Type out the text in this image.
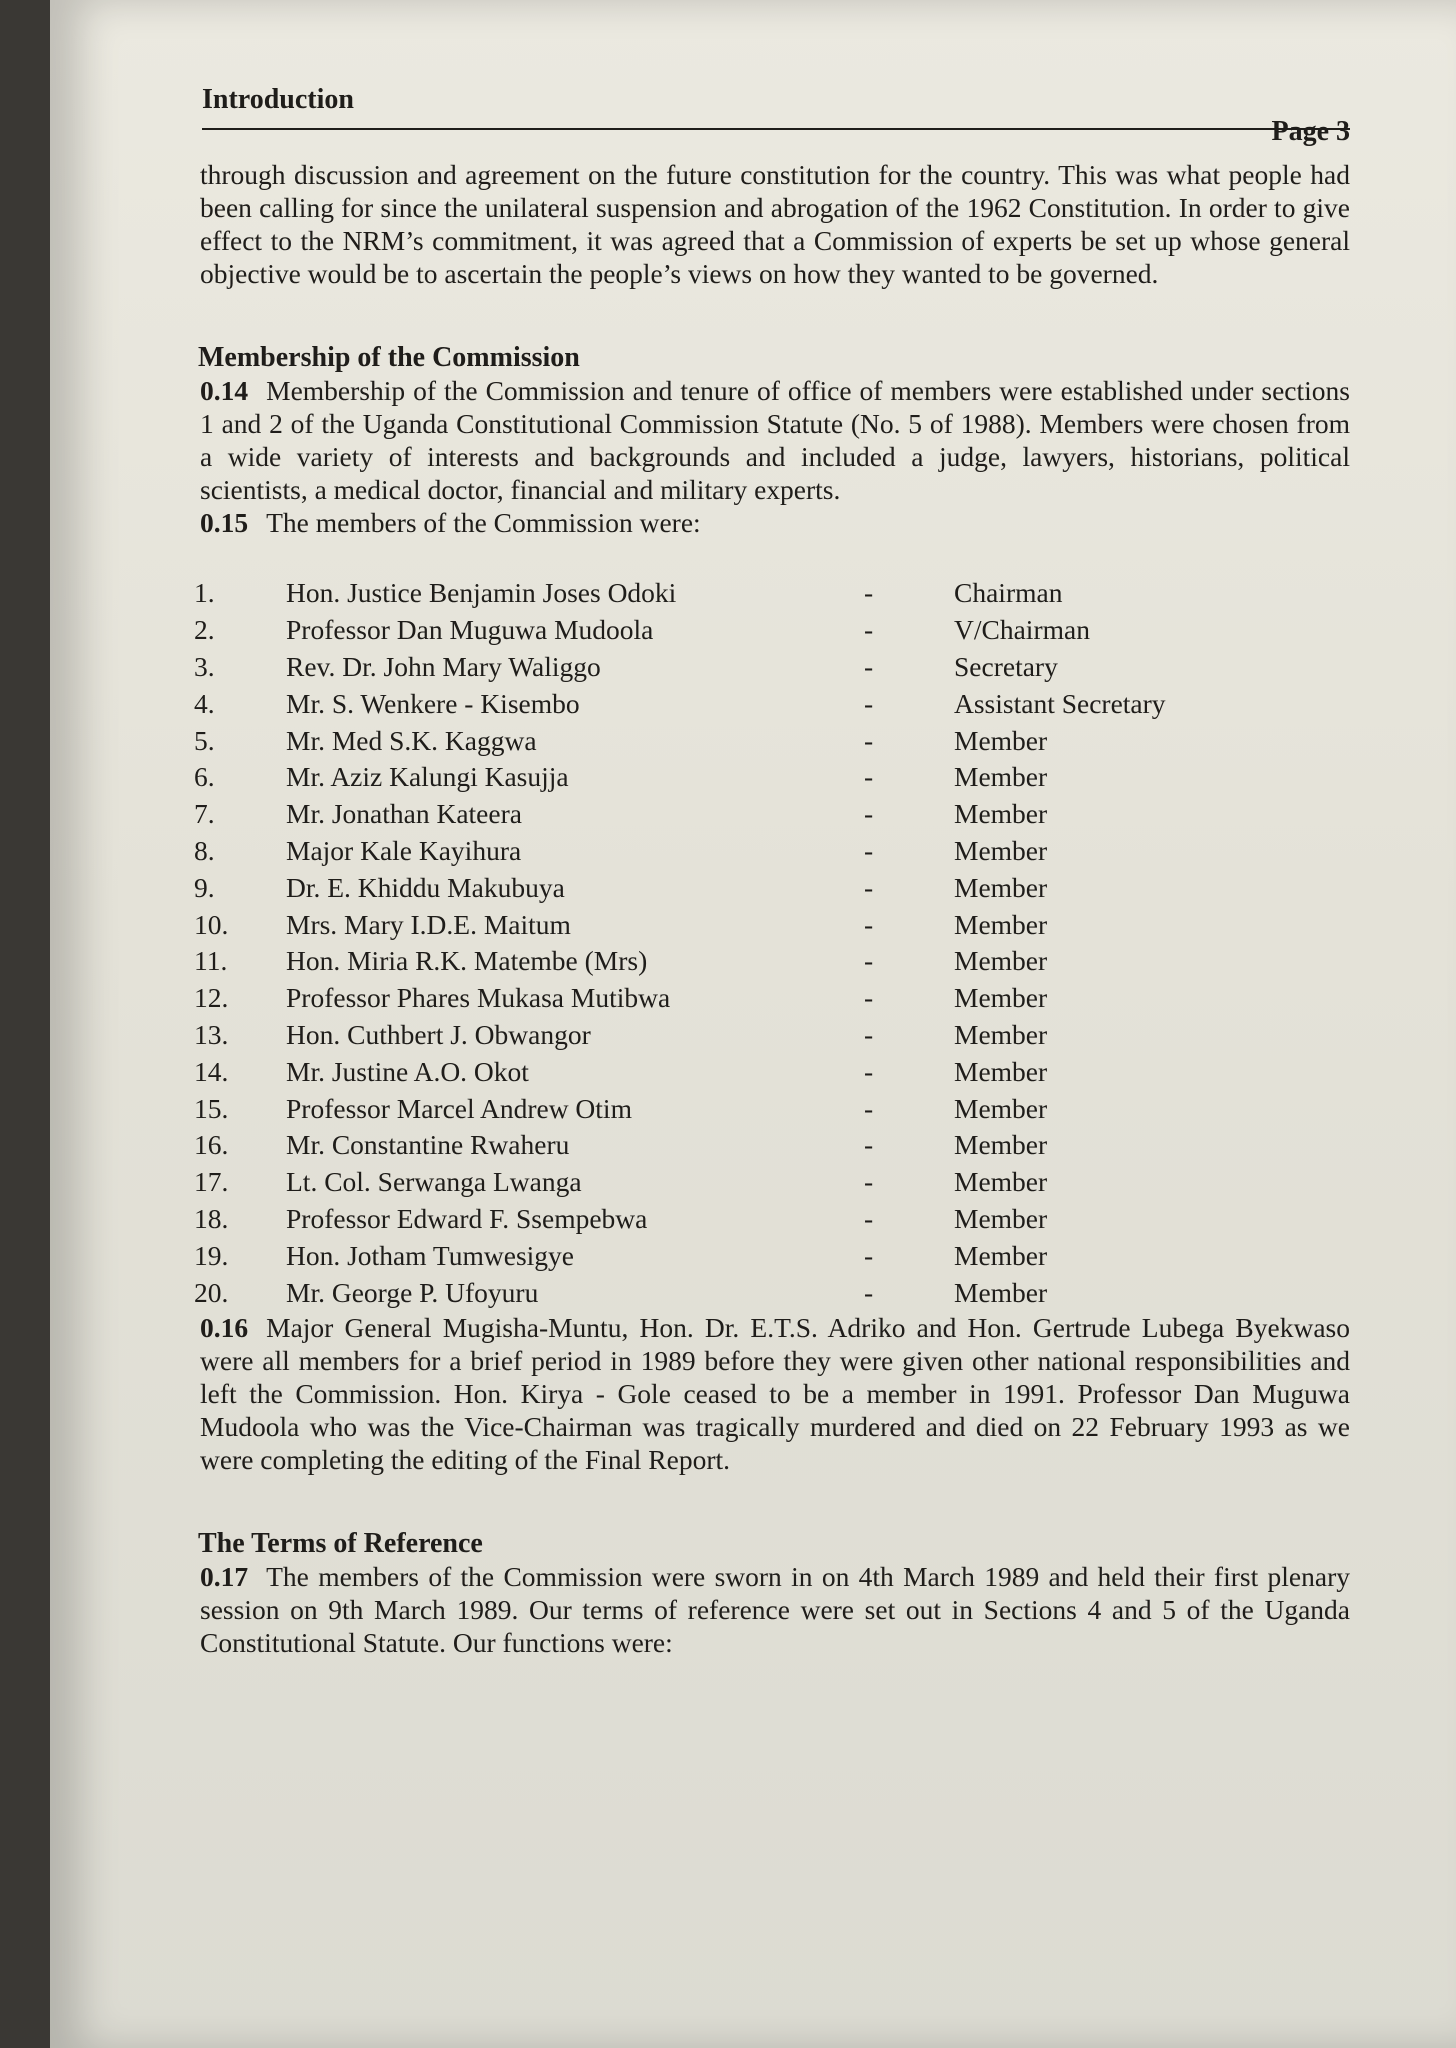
Introduction
Page 3

through discussion and agreement on the future constitution for the country. This was what people had been calling for since the unilateral suspension and abrogation of the 1962 Constitution. In order to give effect to the NRM’s commitment, it was agreed that a Commission of experts be set up whose general objective would be to ascertain the people’s views on how they wanted to be governed.

Membership of the Commission

0.14 Membership of the Commission and tenure of office of members were established under sections 1 and 2 of the Uganda Constitutional Commission Statute (No. 5 of 1988). Members were chosen from a wide variety of interests and backgrounds and included a judge, lawyers, historians, political scientists, a medical doctor, financial and military experts.

0.15 The members of the Commission were:

1.	Hon. Justice Benjamin Joses Odoki	-	Chairman
2.	Professor Dan Muguwa Mudoola	-	V/Chairman
3.	Rev. Dr. John Mary Waliggo	-	Secretary
4.	Mr. S. Wenkere - Kisembo	-	Assistant Secretary
5.	Mr. Med S.K. Kaggwa	-	Member
6.	Mr. Aziz Kalungi Kasujja	-	Member
7.	Mr. Jonathan Kateera	-	Member
8.	Major Kale Kayihura	-	Member
9.	Dr. E. Khiddu Makubuya	-	Member
10.	Mrs. Mary I.D.E. Maitum	-	Member
11.	Hon. Miria R.K. Matembe (Mrs)	-	Member
12.	Professor Phares Mukasa Mutibwa	-	Member
13.	Hon. Cuthbert J. Obwangor	-	Member
14.	Mr. Justine A.O. Okot	-	Member
15.	Professor Marcel Andrew Otim	-	Member
16.	Mr. Constantine Rwaheru	-	Member
17.	Lt. Col. Serwanga Lwanga	-	Member
18.	Professor Edward F. Ssempebwa	-	Member
19.	Hon. Jotham Tumwesigye	-	Member
20.	Mr. George P. Ufoyuru	-	Member

0.16 Major General Mugisha-Muntu, Hon. Dr. E.T.S. Adriko and Hon. Gertrude Lubega Byekwaso were all members for a brief period in 1989 before they were given other national responsibilities and left the Commission. Hon. Kirya - Gole ceased to be a member in 1991. Professor Dan Muguwa Mudoola who was the Vice-Chairman was tragically murdered and died on 22 February 1993 as we were completing the editing of the Final Report.

The Terms of Reference

0.17 The members of the Commission were sworn in on 4th March 1989 and held their first plenary session on 9th March 1989. Our terms of reference were set out in Sections 4 and 5 of the Uganda Constitutional Statute. Our functions were:
